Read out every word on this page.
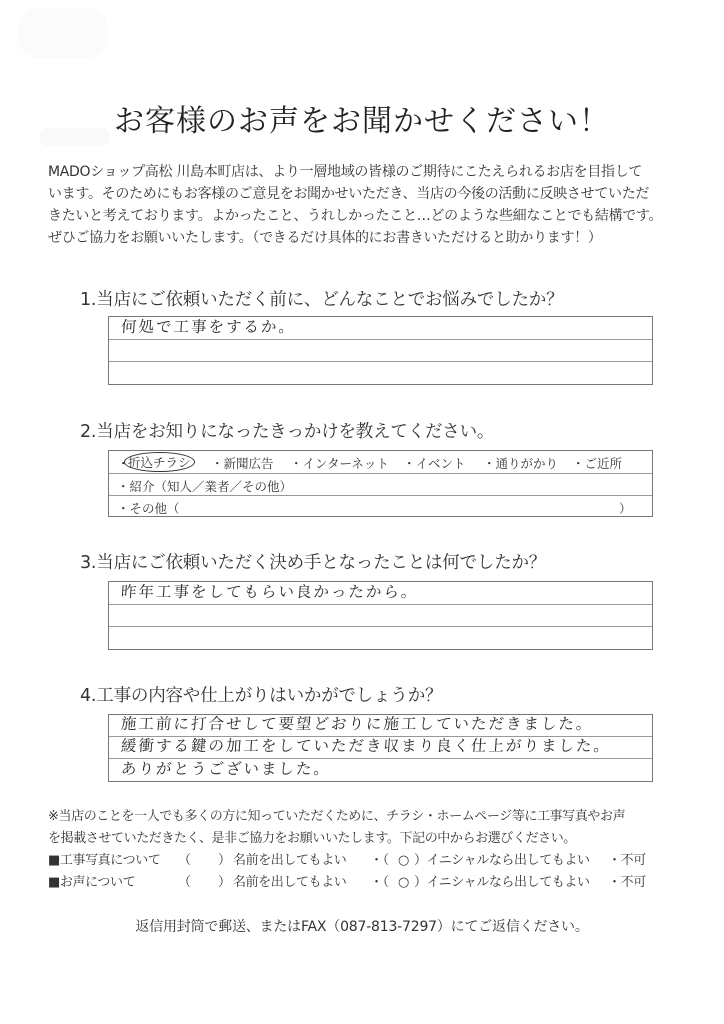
お客様のお声をお聞かせください！
MADOショップ高松 川島本町店は、より一層地域の皆様のご期待にこたえられるお店を目指して
います。そのためにもお客様のご意見をお聞かせいただき、当店の今後の活動に反映させていただ
きたいと考えております。よかったこと、うれしかったこと…どのような些細なことでも結構です。
ぜひご協力をお願いいたします。（できるだけ具体的にお書きいただけると助かります！）
1.当店にご依頼いただく前に、どんなことでお悩みでしたか？
何処で工事をするか。
2.当店をお知りになったきっかけを教えてください。
・
折込チラシ	・新聞広告 ・インターネット ・イベント ・通りがかり ・ご近所
・紹介（知人／業者／その他）
・その他（	）
3.当店にご依頼いただく決め手となったことは何でしたか？
昨年工事をしてもらい良かったから。
4.工事の内容や仕上がりはいかがでしょうか？
施工前に打合せして要望どおりに施工していただきました。
緩衝する鍵の加工をしていただき収まり良く仕上がりました。
ありがとうございました。
※当店のことを一人でも多くの方に知っていただくために、チラシ・ホームページ等に工事写真やお声
を掲載させていただきたく、是非ご協力をお願いいたします。下記の中からお選びください。
■工事写真について （ ） 名前を出してもよい ・（ ○ ）イニシャルなら出してもよい ・不可
■お声について	（ ） 名前を出してもよい ・（ ○ ）イニシャルなら出してもよい ・不可
返信用封筒で郵送、またはFAX（087-813-7297）にてご返信ください。
